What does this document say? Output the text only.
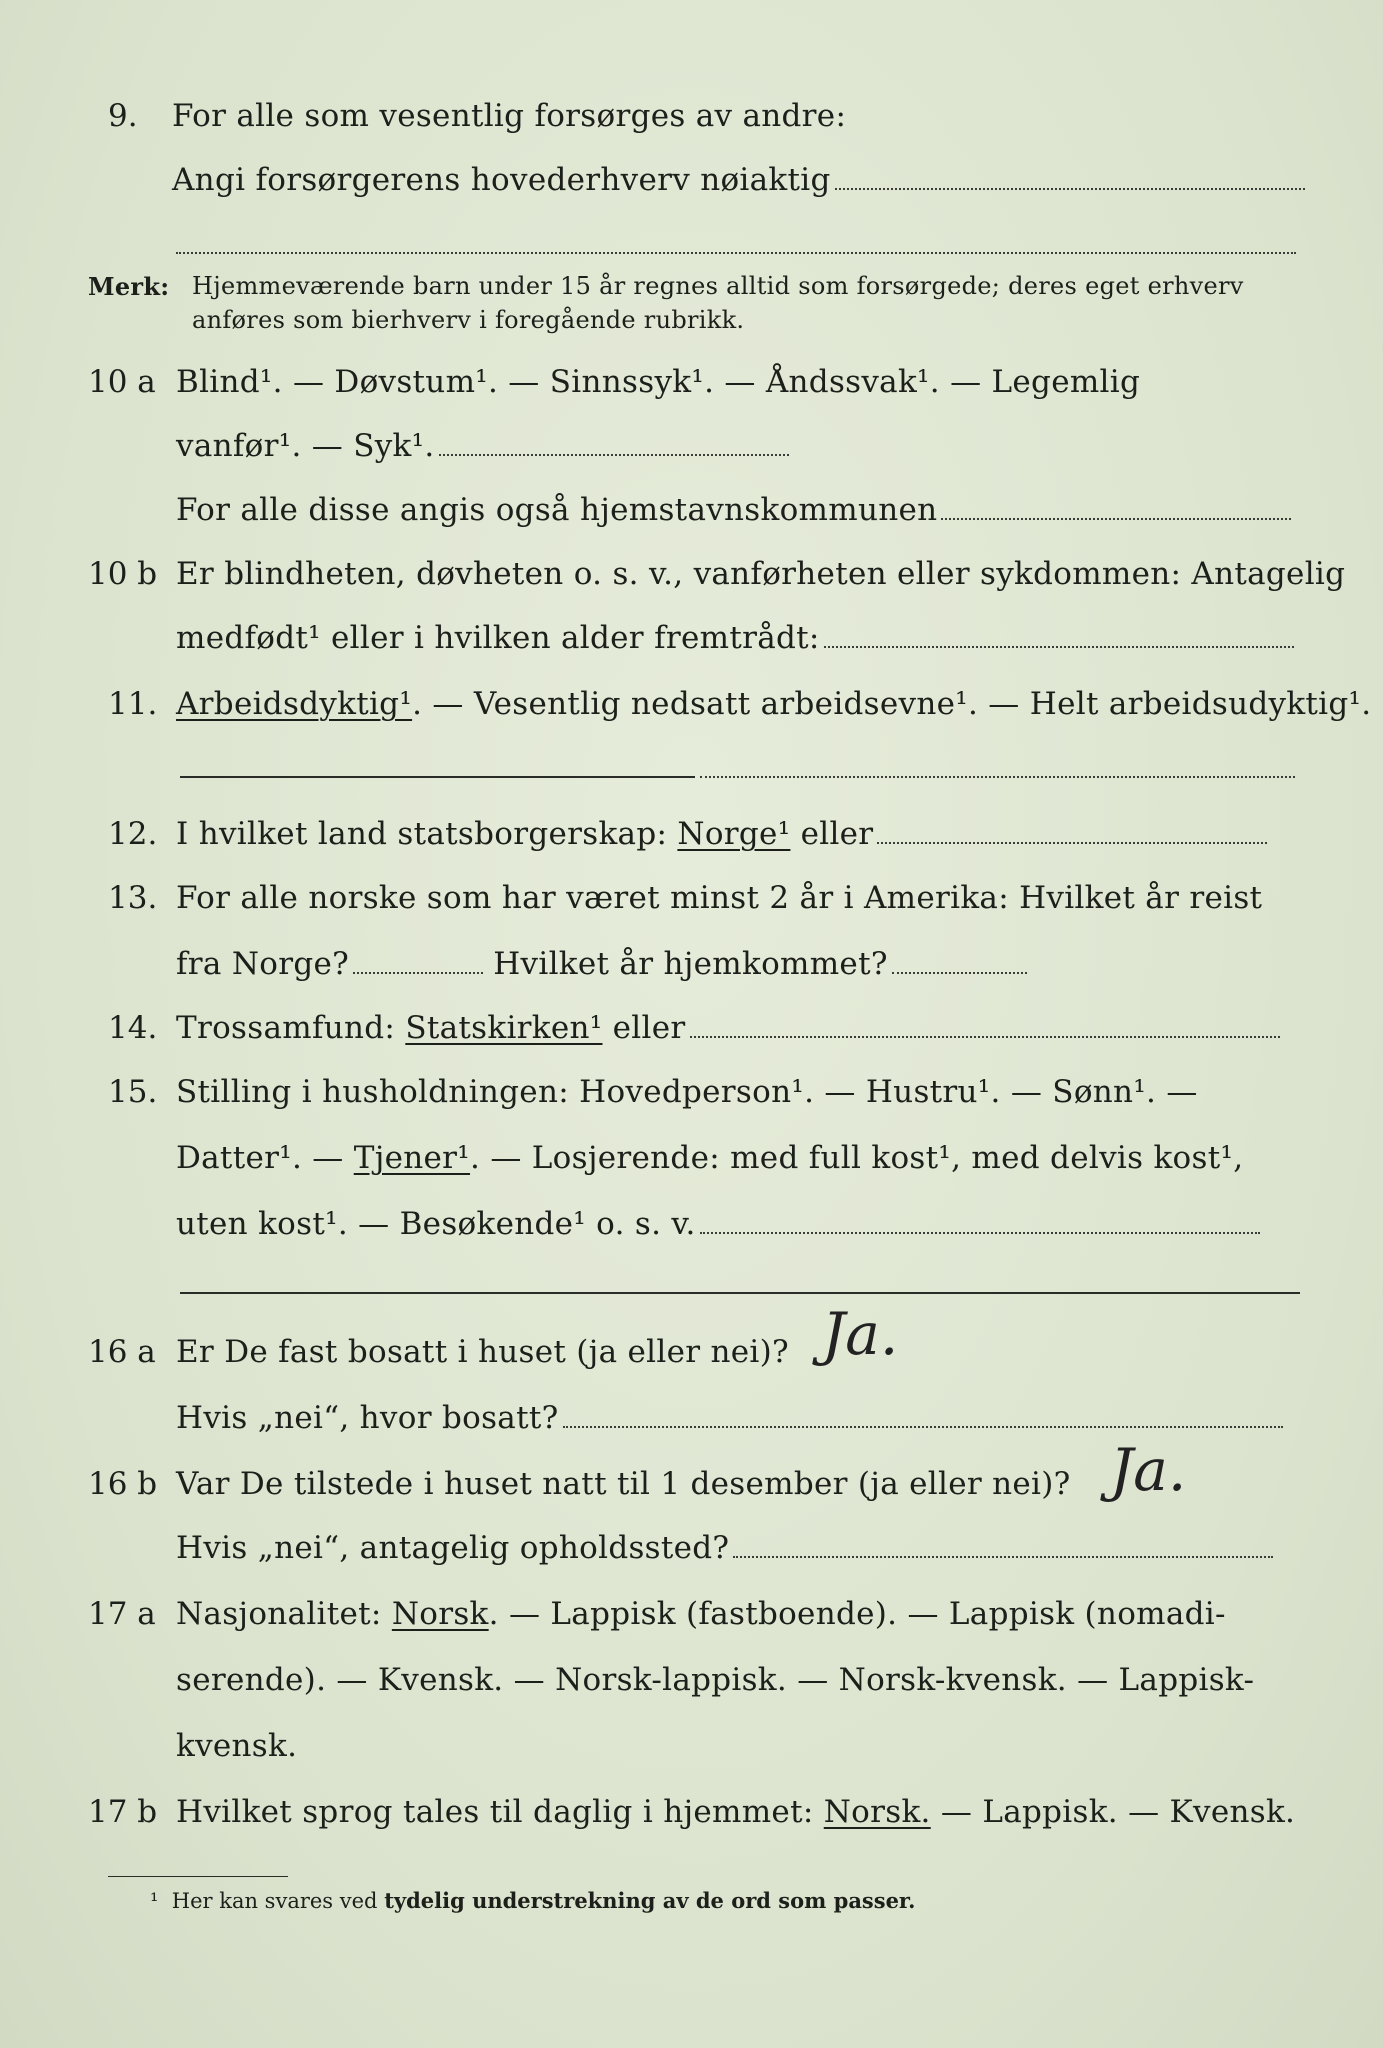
9. For alle som vesentlig forsørges av andre:
Angi forsørgerens hovederhverv nøiaktig
Merk: Hjemmeværende barn under 15 år regnes alltid som forsørgede; deres eget erhverv
anføres som bierhverv i foregående rubrikk.
10 a Blind¹. — Døvstum¹. — Sinnssyk¹. — Åndssvak¹. — Legemlig
vanfør¹. — Syk¹.
For alle disse angis også hjemstavnskommunen
10 b Er blindheten, døvheten o. s. v., vanførheten eller sykdommen: Antagelig
medfødt¹ eller i hvilken alder fremtrådt:
11. Arbeidsdyktig¹. — Vesentlig nedsatt arbeidsevne¹. — Helt arbeidsudyktig¹.
12. I hvilket land statsborgerskap: Norge¹ eller
13. For alle norske som har været minst 2 år i Amerika: Hvilket år reist
fra Norge?	Hvilket år hjemkommet?
14. Trossamfund: Statskirken¹ eller
15. Stilling i husholdningen: Hovedperson¹. — Hustru¹. — Sønn¹. —
Datter¹. — Tjener¹. — Losjerende: med full kost¹, med delvis kost¹,
uten kost¹. — Besøkende¹ o. s. v.
16 a Er De fast bosatt i huset (ja eller nei)? Ja.
Hvis „nei“, hvor bosatt?
16 b Var De tilstede i huset natt til 1 desember (ja eller nei)? Ja.
Hvis „nei“, antagelig opholdssted?
17 a Nasjonalitet: Norsk. — Lappisk (fastboende). — Lappisk (nomadi-
serende). — Kvensk. — Norsk-lappisk. — Norsk-kvensk. — Lappisk-
kvensk.
17 b Hvilket sprog tales til daglig i hjemmet: Norsk. — Lappisk. — Kvensk.
¹ Her kan svares ved tydelig understrekning av de ord som passer.
